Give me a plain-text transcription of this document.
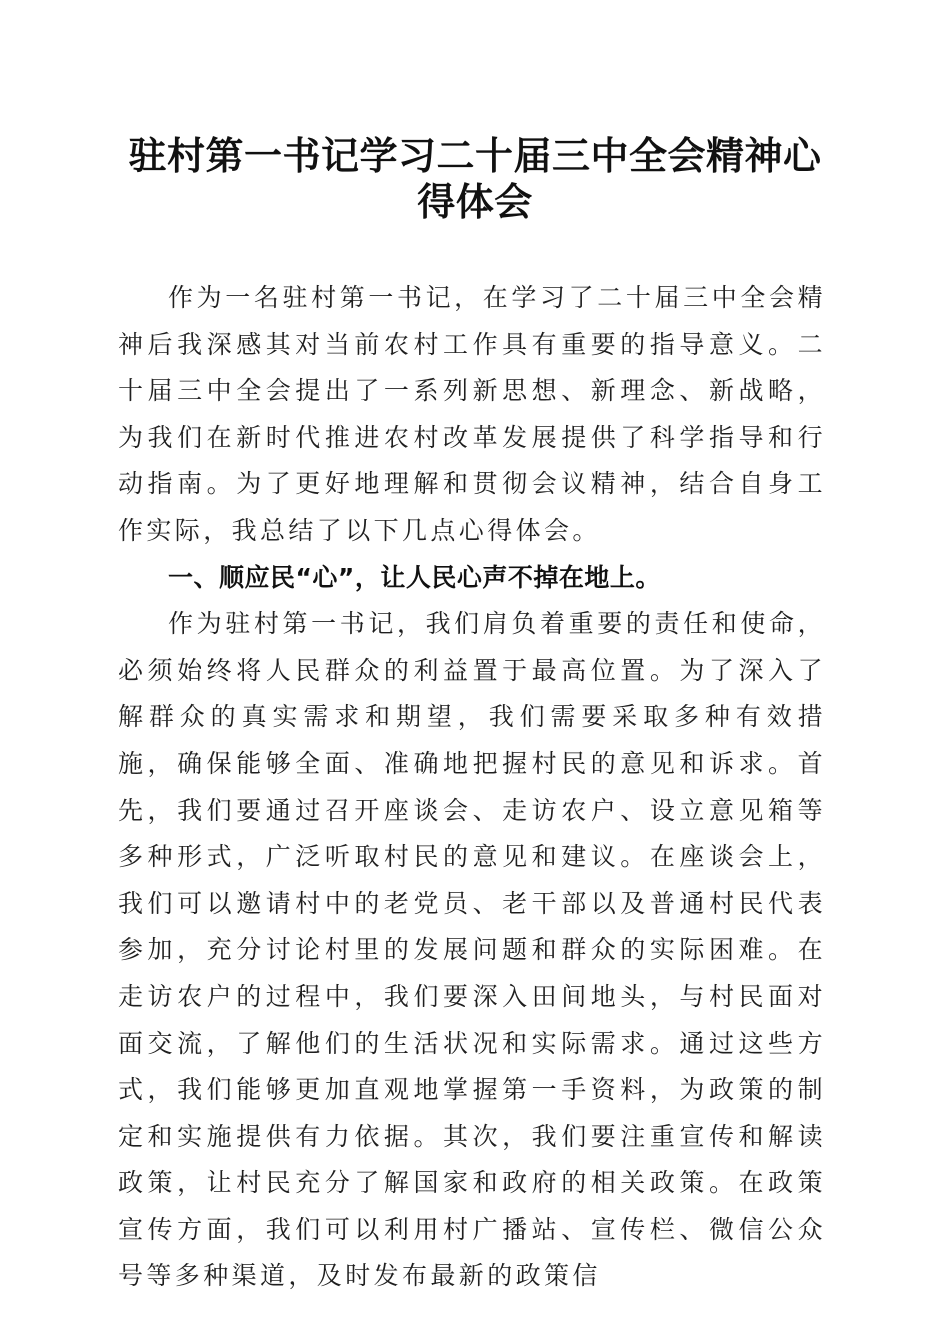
驻村第一书记学习二十届三中全会精神心得体会

作为一名驻村第一书记，在学习了二十届三中全会精神后我深感其对当前农村工作具有重要的指导意义。二十届三中全会提出了一系列新思想、新理念、新战略，为我们在新时代推进农村改革发展提供了科学指导和行动指南。为了更好地理解和贯彻会议精神，结合自身工作实际，我总结了以下几点心得体会。

一、顺应民“心”，让人民心声不掉在地上。

作为驻村第一书记，我们肩负着重要的责任和使命，必须始终将人民群众的利益置于最高位置。为了深入了解群众的真实需求和期望，我们需要采取多种有效措施，确保能够全面、准确地把握村民的意见和诉求。首先，我们要通过召开座谈会、走访农户、设立意见箱等多种形式，广泛听取村民的意见和建议。在座谈会上，我们可以邀请村中的老党员、老干部以及普通村民代表参加，充分讨论村里的发展问题和群众的实际困难。在走访农户的过程中，我们要深入田间地头，与村民面对面交流，了解他们的生活状况和实际需求。通过这些方式，我们能够更加直观地掌握第一手资料，为政策的制定和实施提供有力依据。其次，我们要注重宣传和解读政策，让村民充分了解国家和政府的相关政策。在政策宣传方面，我们可以利用村广播站、宣传栏、微信公众号等多种渠道，及时发布最新的政策信
